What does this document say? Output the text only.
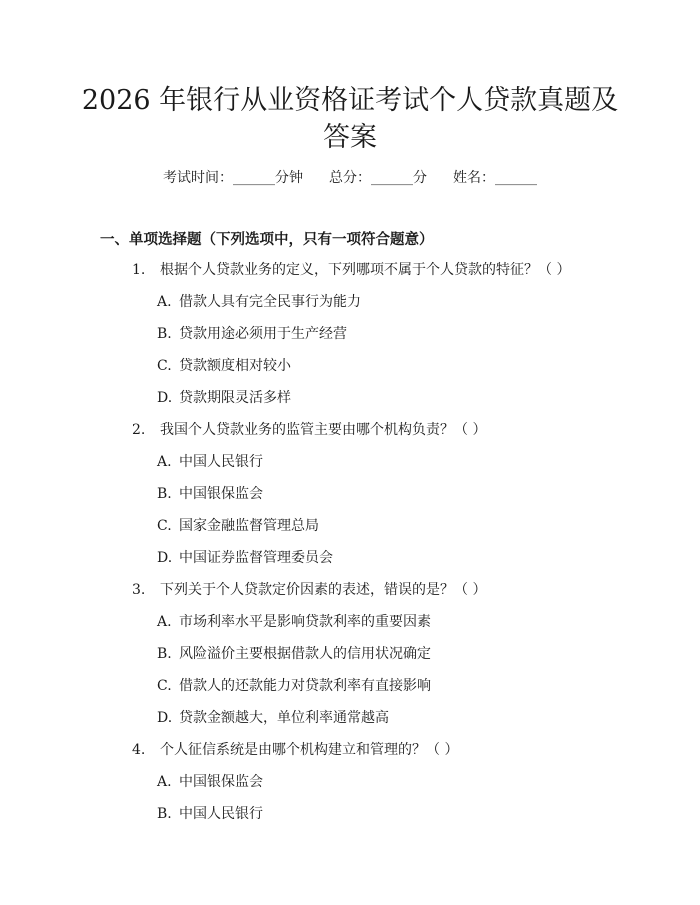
2026 年银行从业资格证考试个人贷款真题及
答案
考试时间：______分钟 总分：______分 姓名：______
一、单项选择题（下列选项中，只有一项符合题意）
1. 根据个人贷款业务的定义，下列哪项不属于个人贷款的特征？（ ）
A. 借款人具有完全民事行为能力
B. 贷款用途必须用于生产经营
C. 贷款额度相对较小
D. 贷款期限灵活多样
2. 我国个人贷款业务的监管主要由哪个机构负责？（ ）
A. 中国人民银行
B. 中国银保监会
C. 国家金融监督管理总局
D. 中国证券监督管理委员会
3. 下列关于个人贷款定价因素的表述，错误的是？（ ）
A. 市场利率水平是影响贷款利率的重要因素
B. 风险溢价主要根据借款人的信用状况确定
C. 借款人的还款能力对贷款利率有直接影响
D. 贷款金额越大，单位利率通常越高
4. 个人征信系统是由哪个机构建立和管理的？（ ）
A. 中国银保监会
B. 中国人民银行
